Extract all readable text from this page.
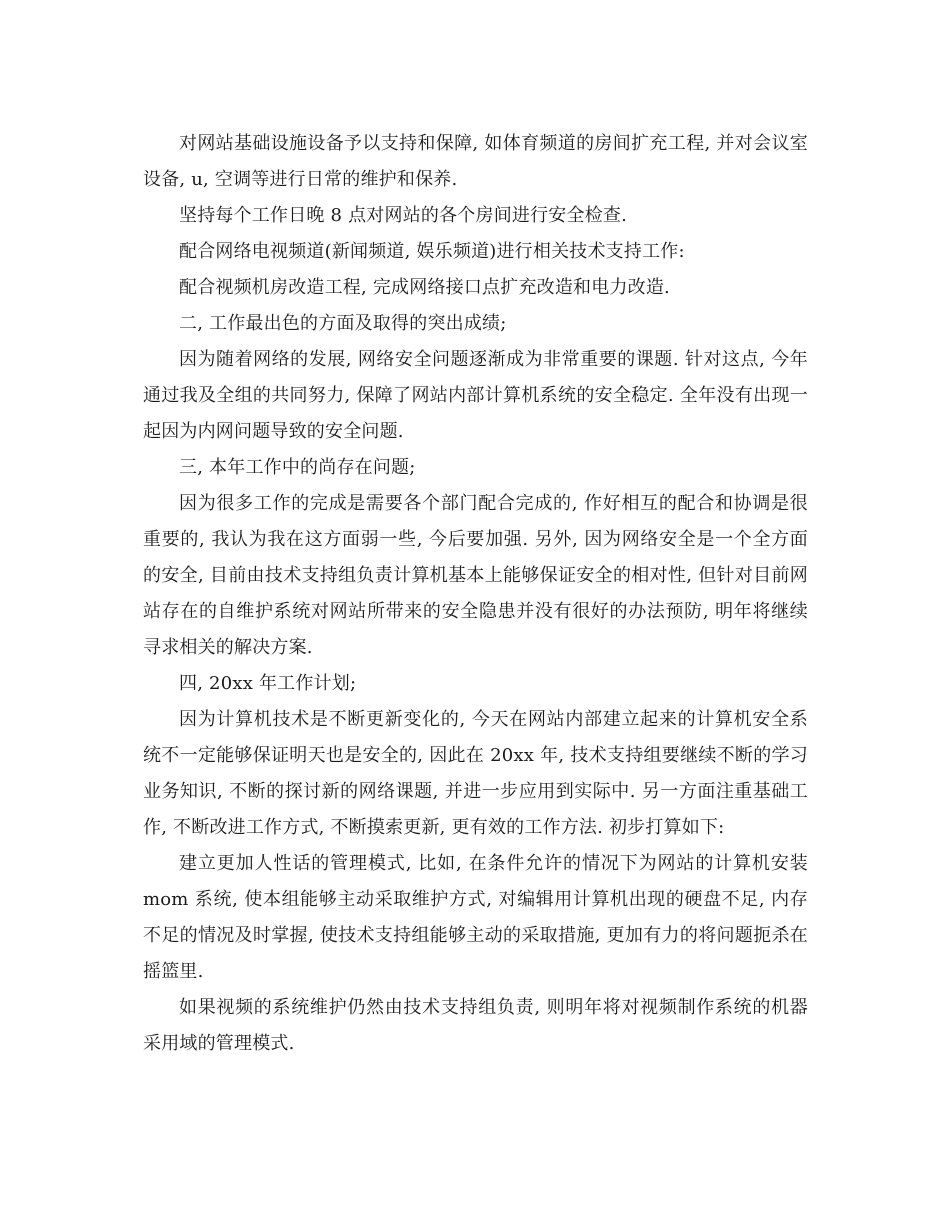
对网站基础设施设备予以支持和保障, 如体育频道的房间扩充工程, 并对会议室设备, u, 空调等进行日常的维护和保养.

坚持每个工作日晚 8 点对网站的各个房间进行安全检查.

配合网络电视频道(新闻频道, 娱乐频道)进行相关技术支持工作:

配合视频机房改造工程, 完成网络接口点扩充改造和电力改造.

二, 工作最出色的方面及取得的突出成绩;

因为随着网络的发展, 网络安全问题逐渐成为非常重要的课题. 针对这点, 今年通过我及全组的共同努力, 保障了网站内部计算机系统的安全稳定. 全年没有出现一起因为内网问题导致的安全问题.

三, 本年工作中的尚存在问题;

因为很多工作的完成是需要各个部门配合完成的, 作好相互的配合和协调是很重要的, 我认为我在这方面弱一些, 今后要加强. 另外, 因为网络安全是一个全方面的安全, 目前由技术支持组负责计算机基本上能够保证安全的相对性, 但针对目前网站存在的自维护系统对网站所带来的安全隐患并没有很好的办法预防, 明年将继续寻求相关的解决方案.

四, 20xx 年工作计划;

因为计算机技术是不断更新变化的, 今天在网站内部建立起来的计算机安全系统不一定能够保证明天也是安全的, 因此在 20xx 年, 技术支持组要继续不断的学习业务知识, 不断的探讨新的网络课题, 并进一步应用到实际中. 另一方面注重基础工作, 不断改进工作方式, 不断摸索更新, 更有效的工作方法. 初步打算如下:

建立更加人性话的管理模式, 比如, 在条件允许的情况下为网站的计算机安装 mom 系统, 使本组能够主动采取维护方式, 对编辑用计算机出现的硬盘不足, 内存不足的情况及时掌握, 使技术支持组能够主动的采取措施, 更加有力的将问题扼杀在摇篮里.

如果视频的系统维护仍然由技术支持组负责, 则明年将对视频制作系统的机器采用域的管理模式.
